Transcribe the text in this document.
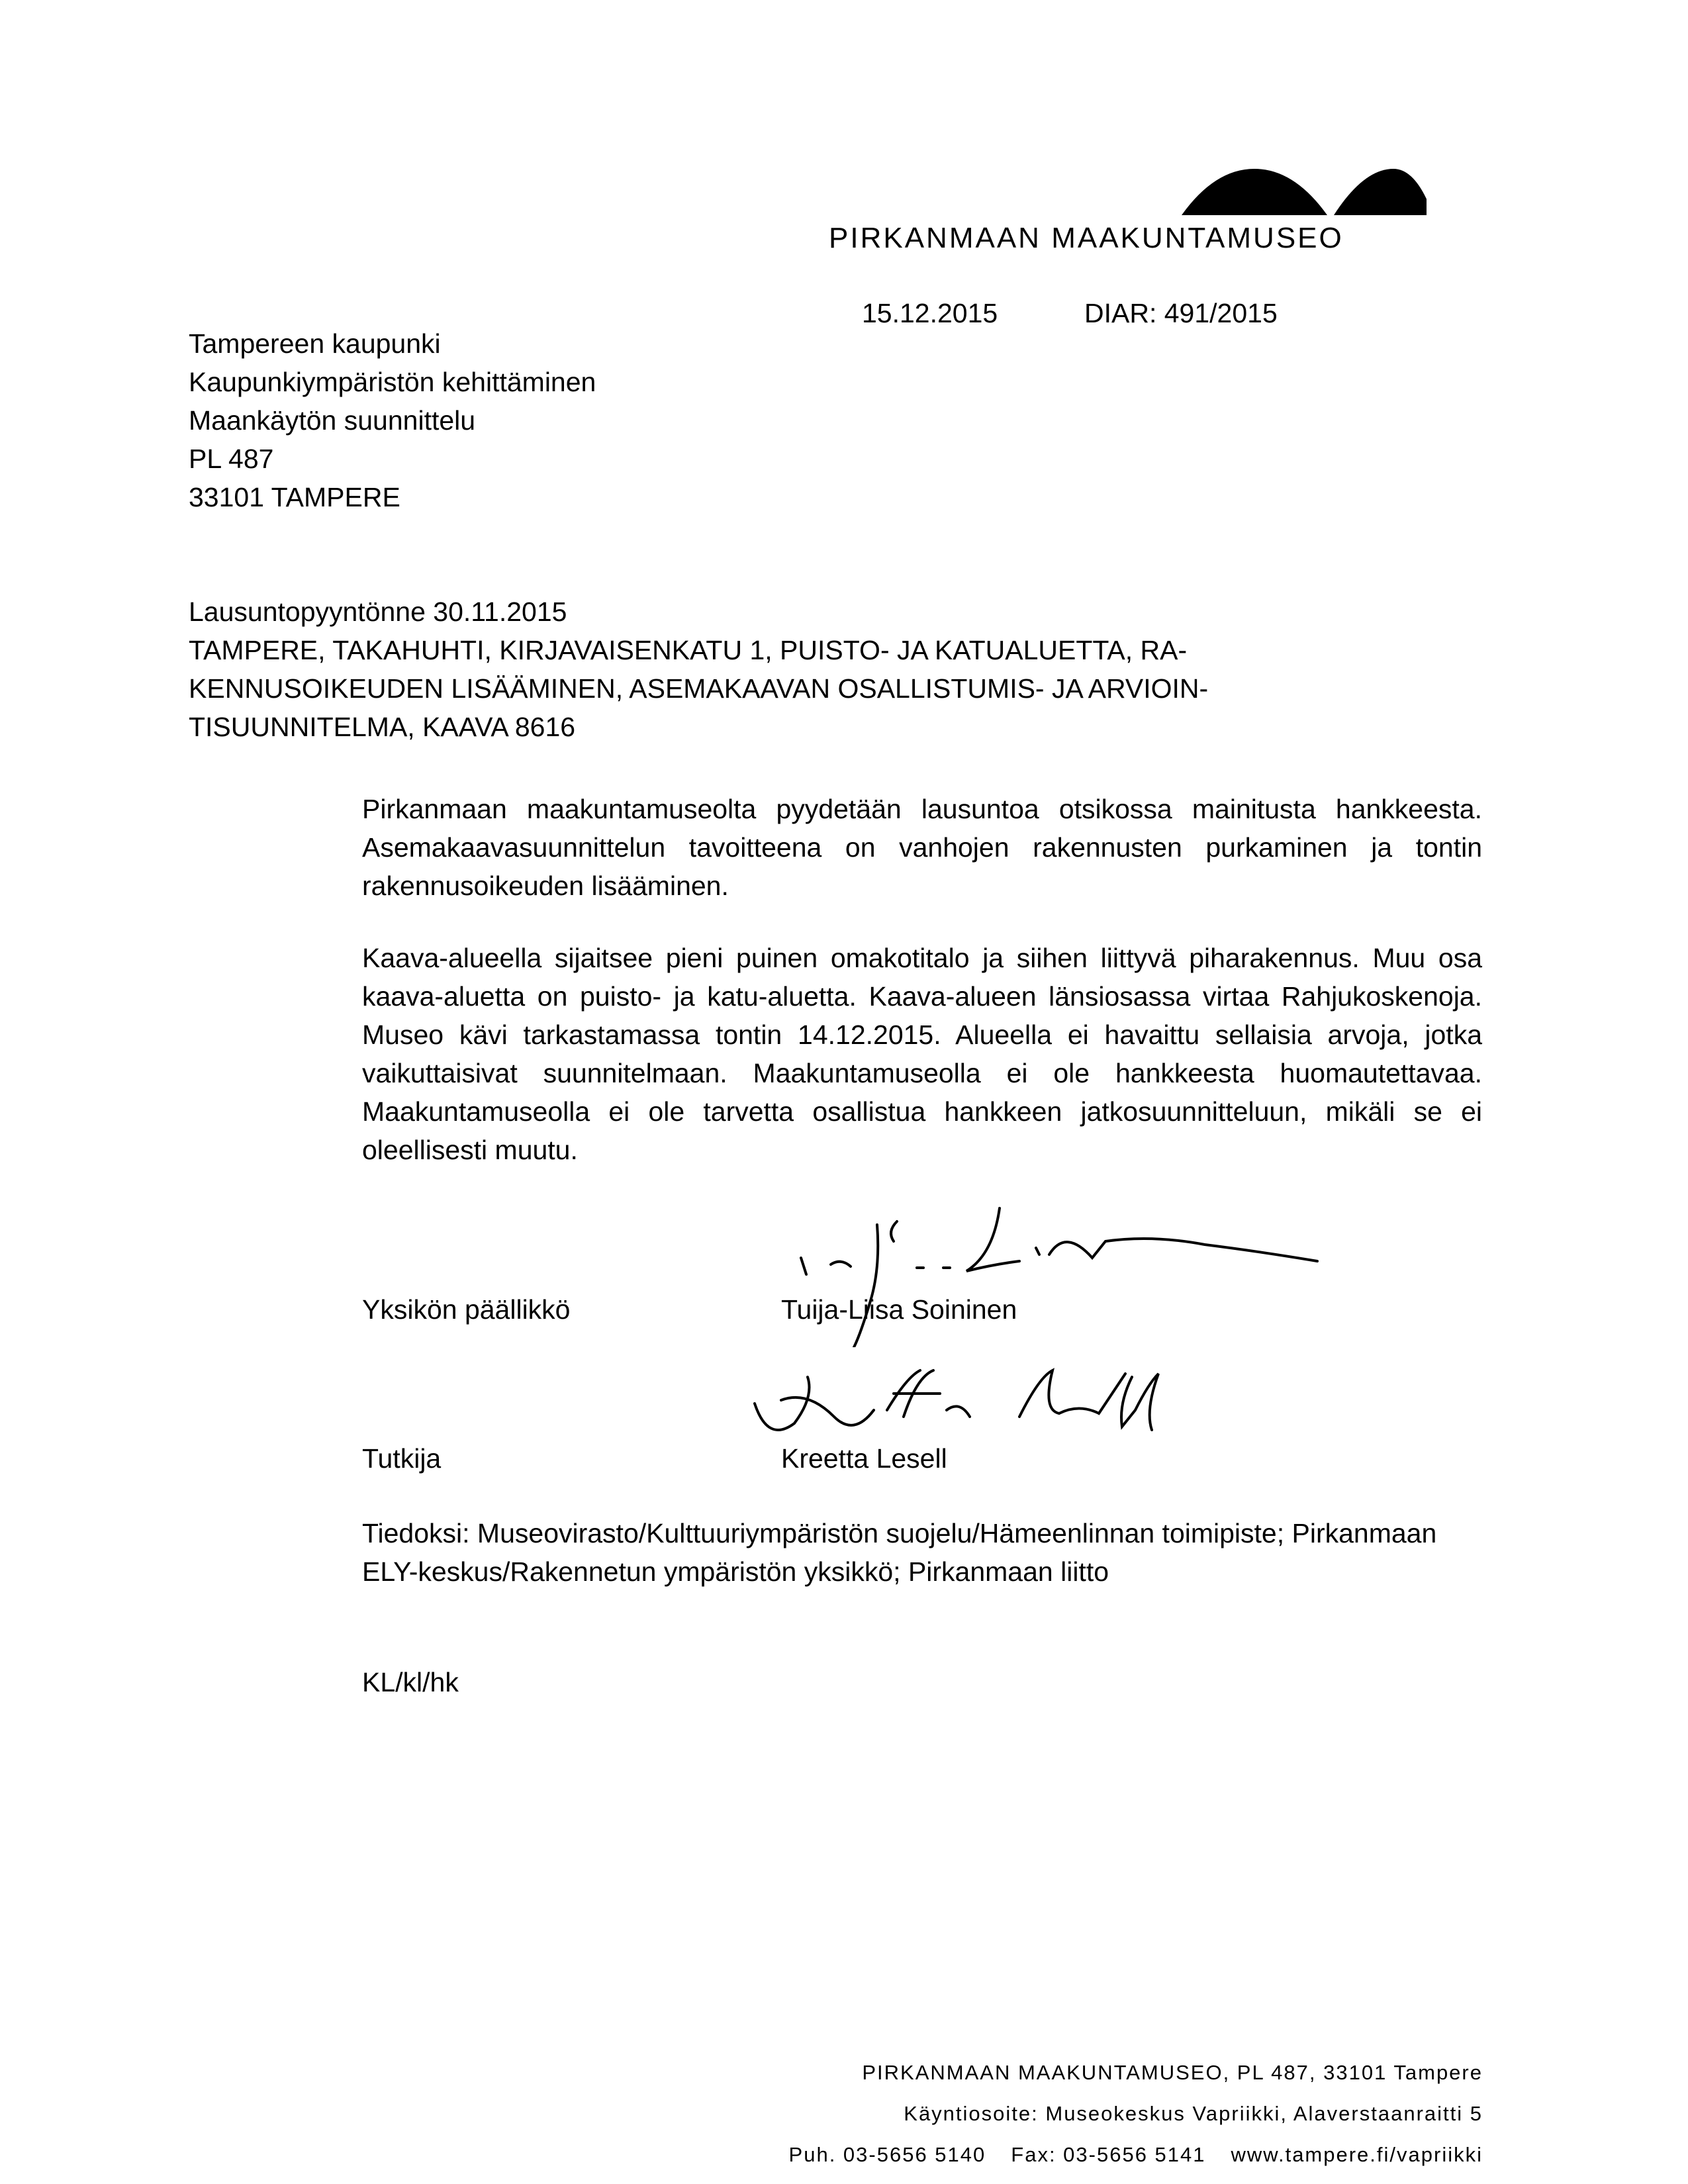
PIRKANMAAN MAAKUNTAMUSEO
15.12.2015	DIAR: 491/2015
Tampereen kaupunki
Kaupunkiympäristön kehittäminen
Maankäytön suunnittelu
PL 487
33101 TAMPERE
Lausuntopyyntönne 30.11.2015
TAMPERE, TAKAHUHTI, KIRJAVAISENKATU 1, PUISTO- JA KATUALUETTA, RA-
KENNUSOIKEUDEN LISÄÄMINEN, ASEMAKAAVAN OSALLISTUMIS- JA ARVIOIN-
TISUUNNITELMA, KAAVA 8616

Pirkanmaan maakuntamuseolta pyydetään lausuntoa otsikossa mainitusta hankkeesta. Asemakaavasuunnittelun tavoitteena on vanhojen rakennusten purkaminen ja tontin rakennusoikeuden lisääminen.

Kaava-alueella sijaitsee pieni puinen omakotitalo ja siihen liittyvä piharakennus. Muu osa kaava-aluetta on puisto- ja katu-aluetta. Kaava-alueen länsiosassa virtaa Rahjukoskenoja. Museo kävi tarkastamassa tontin 14.12.2015. Alueella ei havaittu sellaisia arvoja, jotka vaikuttaisivat suunnitelmaan. Maakuntamuseolla ei ole hankkeesta huomautettavaa. Maakuntamuseolla ei ole tarvetta osallistua hankkeen jatkosuunnitteluun, mikäli se ei oleellisesti muutu.

Yksikön päällikkö	Tuija-Liisa Soininen
Tutkija	Kreetta Lesell

Tiedoksi: Museovirasto/Kulttuuriympäristön suojelu/Hämeenlinnan toimipiste; Pirkanmaan ELY-keskus/Rakennetun ympäristön yksikkö; Pirkanmaan liitto

KL/kl/hk
PIRKANMAAN MAAKUNTAMUSEO, PL 487, 33101 Tampere
Käyntiosoite: Museokeskus Vapriikki, Alaverstaanraitti 5
Puh. 03-5656 5140 Fax: 03-5656 5141 www.tampere.fi/vapriikki
